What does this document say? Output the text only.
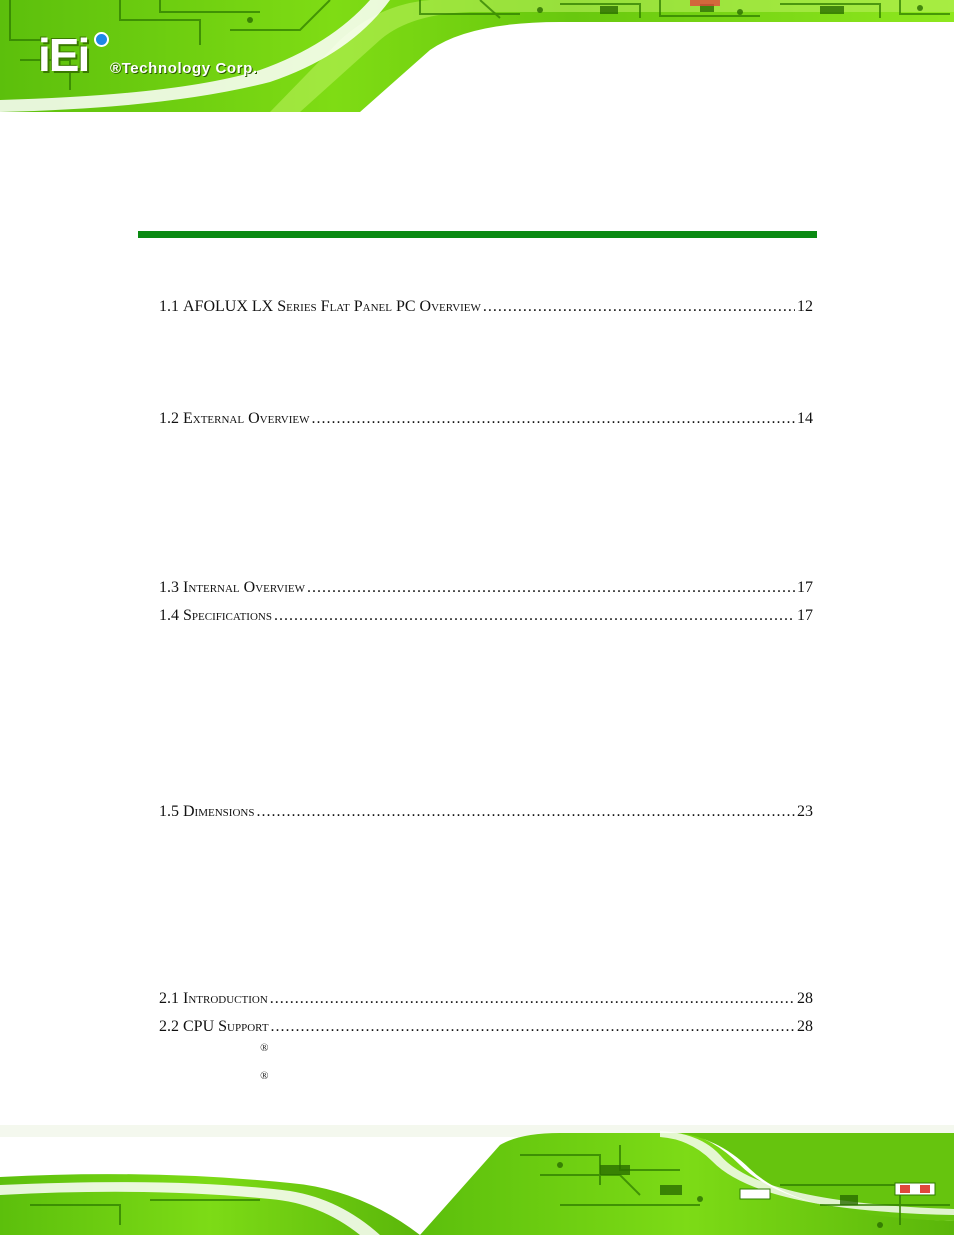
iEi ®Technology Corp.
1.1 AFOLUX LX Series Flat Panel PC Overview .....	12
1.2 External Overview .....	14
1.3 Internal Overview .....	17
1.4 Specifications .....	17
1.5 Dimensions .....	23
2.1 Introduction .....	28
2.2 CPU Support .....	28
®
®
